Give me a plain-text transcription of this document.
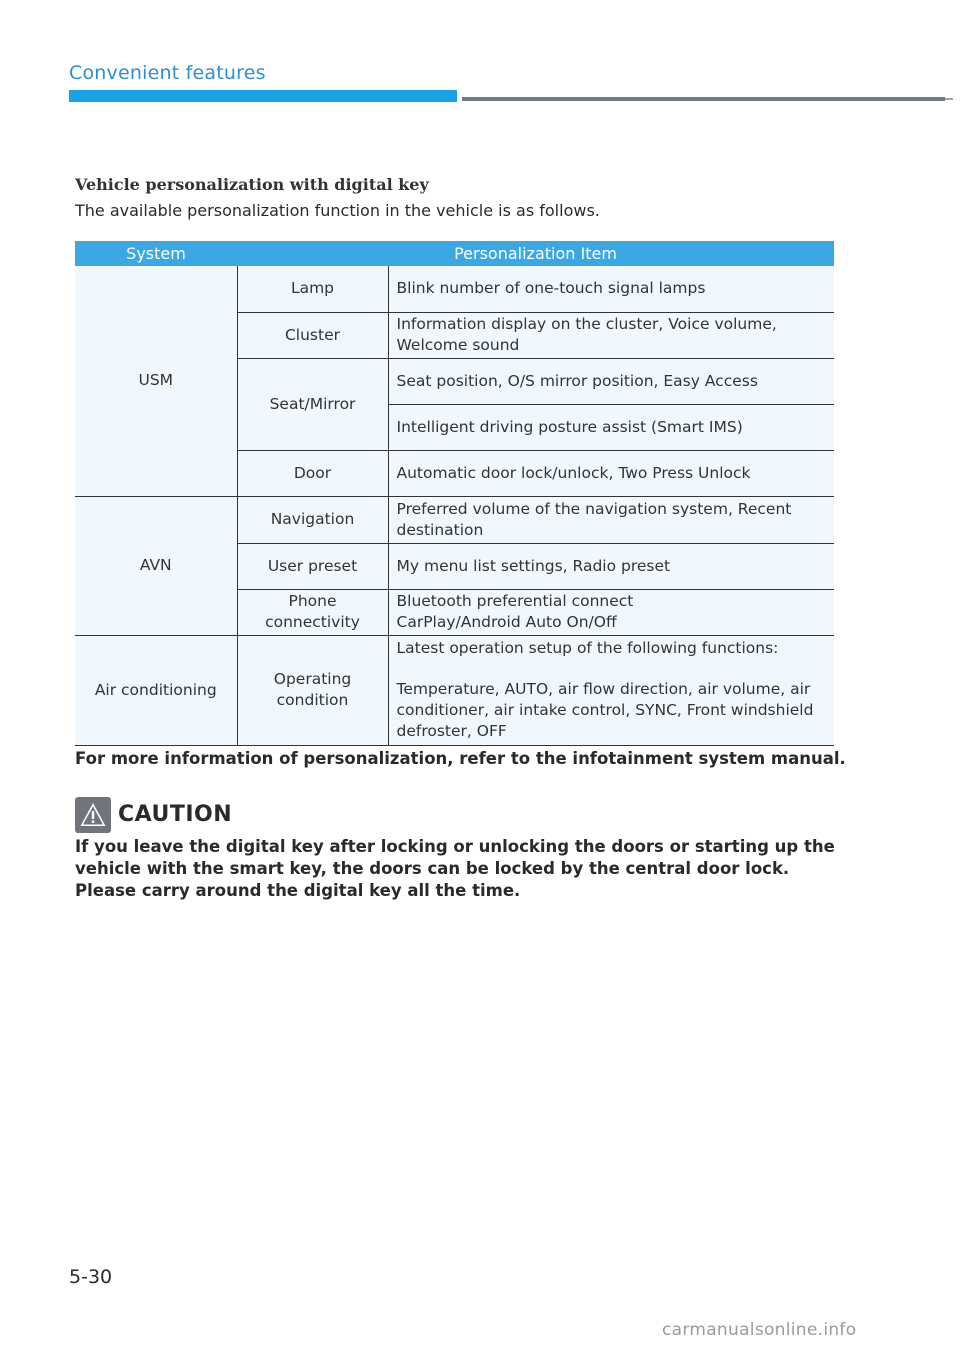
Convenient features
Vehicle personalization with digital key
The available personalization function in the vehicle is as follows.
System	Personalization Item	
USM	Lamp	Blink number of one-touch signal lamps
	Cluster	Information display on the cluster, Voice volume, Welcome sound
	Seat/Mirror	Seat position, O/S mirror position, Easy Access
		Intelligent driving posture assist (Smart IMS)
	Door	Automatic door lock/unlock, Two Press Unlock
AVN	Navigation	Preferred volume of the navigation system, Recent destination
	User preset	My menu list settings, Radio preset
	Phone connectivity	Bluetooth preferential connect
CarPlay/Android Auto On/Off

Air conditioning	Operating condition	Latest operation setup of the following functions:
Temperature, AUTO, air flow direction, air volume, air conditioner, air intake control, SYNC, Front windshield defroster, OFF
For more information of personalization, refer to the infotainment system manual.
CAUTION
If you leave the digital key after locking or unlocking the doors or starting up the vehicle with the smart key, the doors can be locked by the central door lock. Please carry around the digital key all the time.
5-30
carmanualsonline.info
